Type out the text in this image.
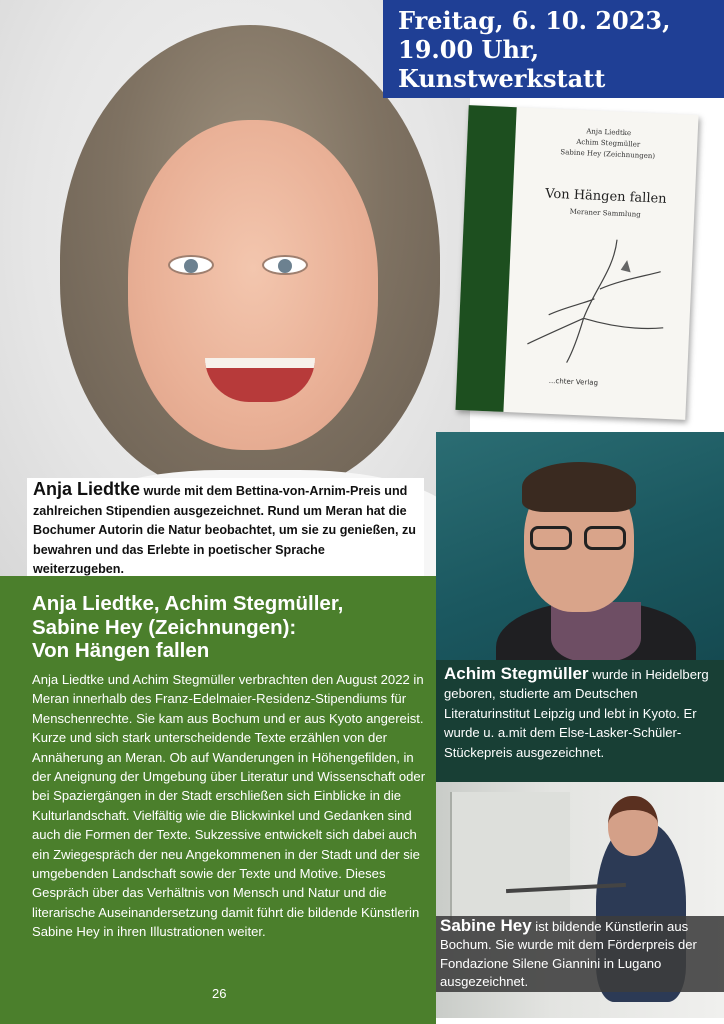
Freitag, 6. 10. 2023,
19.00 Uhr,
Kunstwerkstatt
Anja Liedtke
Achim Stegmüller
Sabine Hey (Zeichnungen)
Von Hängen fallen
Meraner Sammlung
...chter Verlag
Anja Liedtke wurde mit dem Bettina-von-Arnim-Preis und zahlreichen Stipendien ausgezeichnet. Rund um Meran hat die Bochumer Autorin die Natur beobachtet, um sie zu genießen, zu bewahren und das Erlebte in poetischer Sprache weiterzugeben.
Anja Liedtke, Achim Stegmüller,
Sabine Hey (Zeichnungen):
Von Hängen fallen

Anja Liedtke und Achim Stegmüller verbrachten den August 2022 in Meran innerhalb des Franz-Edelmaier-Residenz-Stipendiums für Menschenrechte. Sie kam aus Bochum und er aus Kyoto angereist. Kurze und sich stark unterscheidende Texte erzählen von der Annäherung an Meran. Ob auf Wanderungen in Höhengefilden, in der Aneignung der Umgebung über Literatur und Wissenschaft oder bei Spaziergängen in der Stadt erschließen sich Einblicke in die Kulturlandschaft. Vielfältig wie die Blickwinkel und Gedanken sind auch die Formen der Texte. Sukzessive entwickelt sich dabei auch ein Zwiegespräch der neu Angekommenen in der Stadt und der sie umgebenden Landschaft sowie der Texte und Motive. Dieses Gespräch über das Verhältnis von Mensch und Natur und die literarische Auseinandersetzung damit führt die bildende Künstlerin Sabine Hey in ihren Illustrationen weiter.

26
Achim Stegmüller wurde in Heidelberg geboren, studierte am Deutschen Literaturinstitut Leipzig und lebt in Kyoto. Er wurde u. a.mit dem Else-Lasker-Schüler-Stückepreis ausgezeichnet.
Sabine Hey ist bildende Künstlerin aus Bochum. Sie wurde mit dem Förderpreis der Fondazione Silene Giannini in Lugano ausgezeichnet.
